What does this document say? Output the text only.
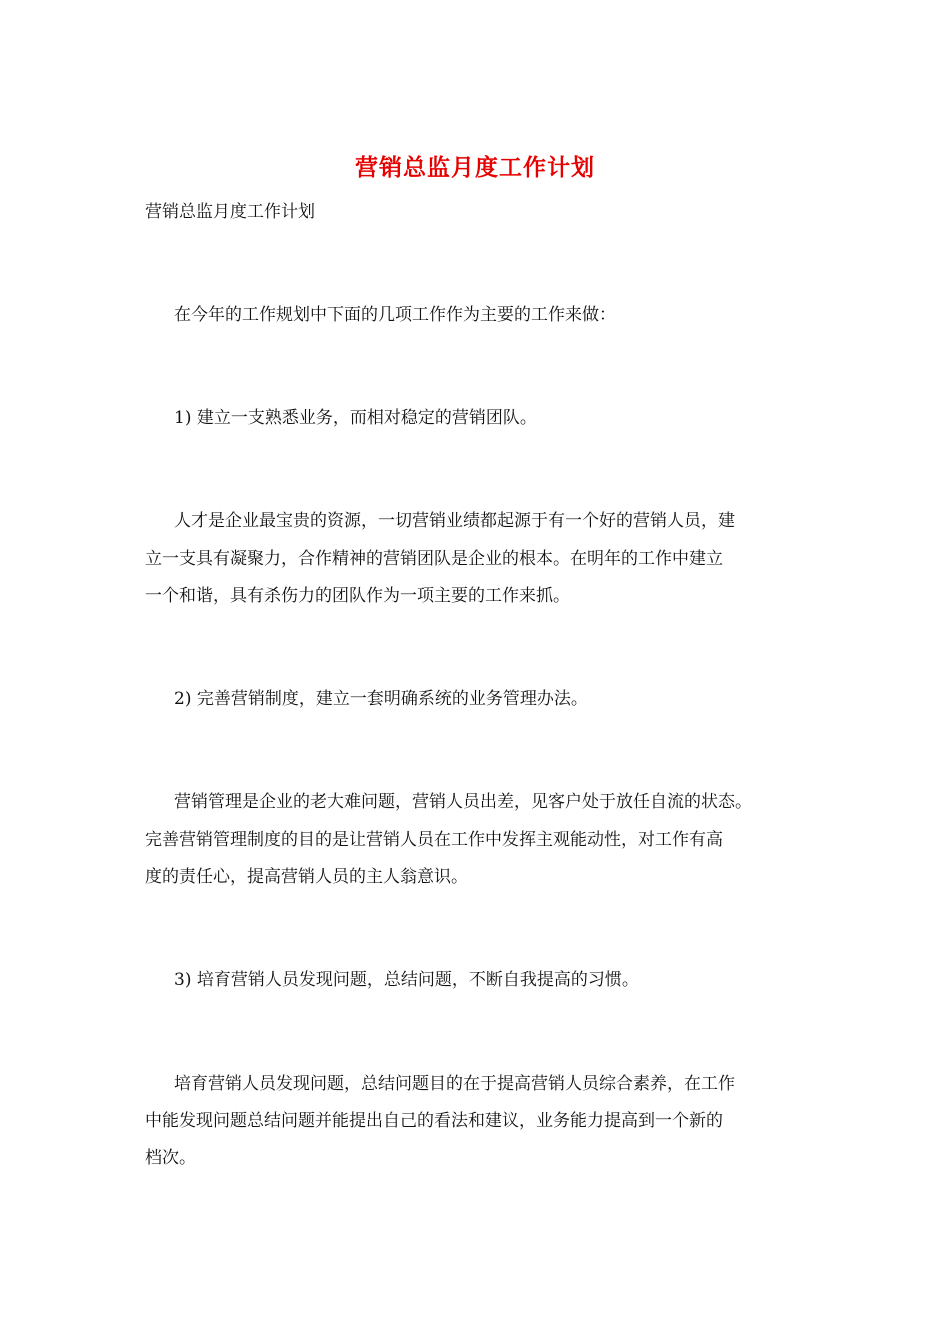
营销总监月度工作计划
营销总监月度工作计划
在今年的工作规划中下面的几项工作作为主要的工作来做：
1) 建立一支熟悉业务，而相对稳定的营销团队。
人才是企业最宝贵的资源，一切营销业绩都起源于有一个好的营销人员，建
立一支具有凝聚力，合作精神的营销团队是企业的根本。在明年的工作中建立
一个和谐，具有杀伤力的团队作为一项主要的工作来抓。
2) 完善营销制度，建立一套明确系统的业务管理办法。
营销管理是企业的老大难问题，营销人员出差，见客户处于放任自流的状态。
完善营销管理制度的目的是让营销人员在工作中发挥主观能动性，对工作有高
度的责任心，提高营销人员的主人翁意识。
3) 培育营销人员发现问题，总结问题，不断自我提高的习惯。
培育营销人员发现问题，总结问题目的在于提高营销人员综合素养，在工作
中能发现问题总结问题并能提出自己的看法和建议，业务能力提高到一个新的
档次。
